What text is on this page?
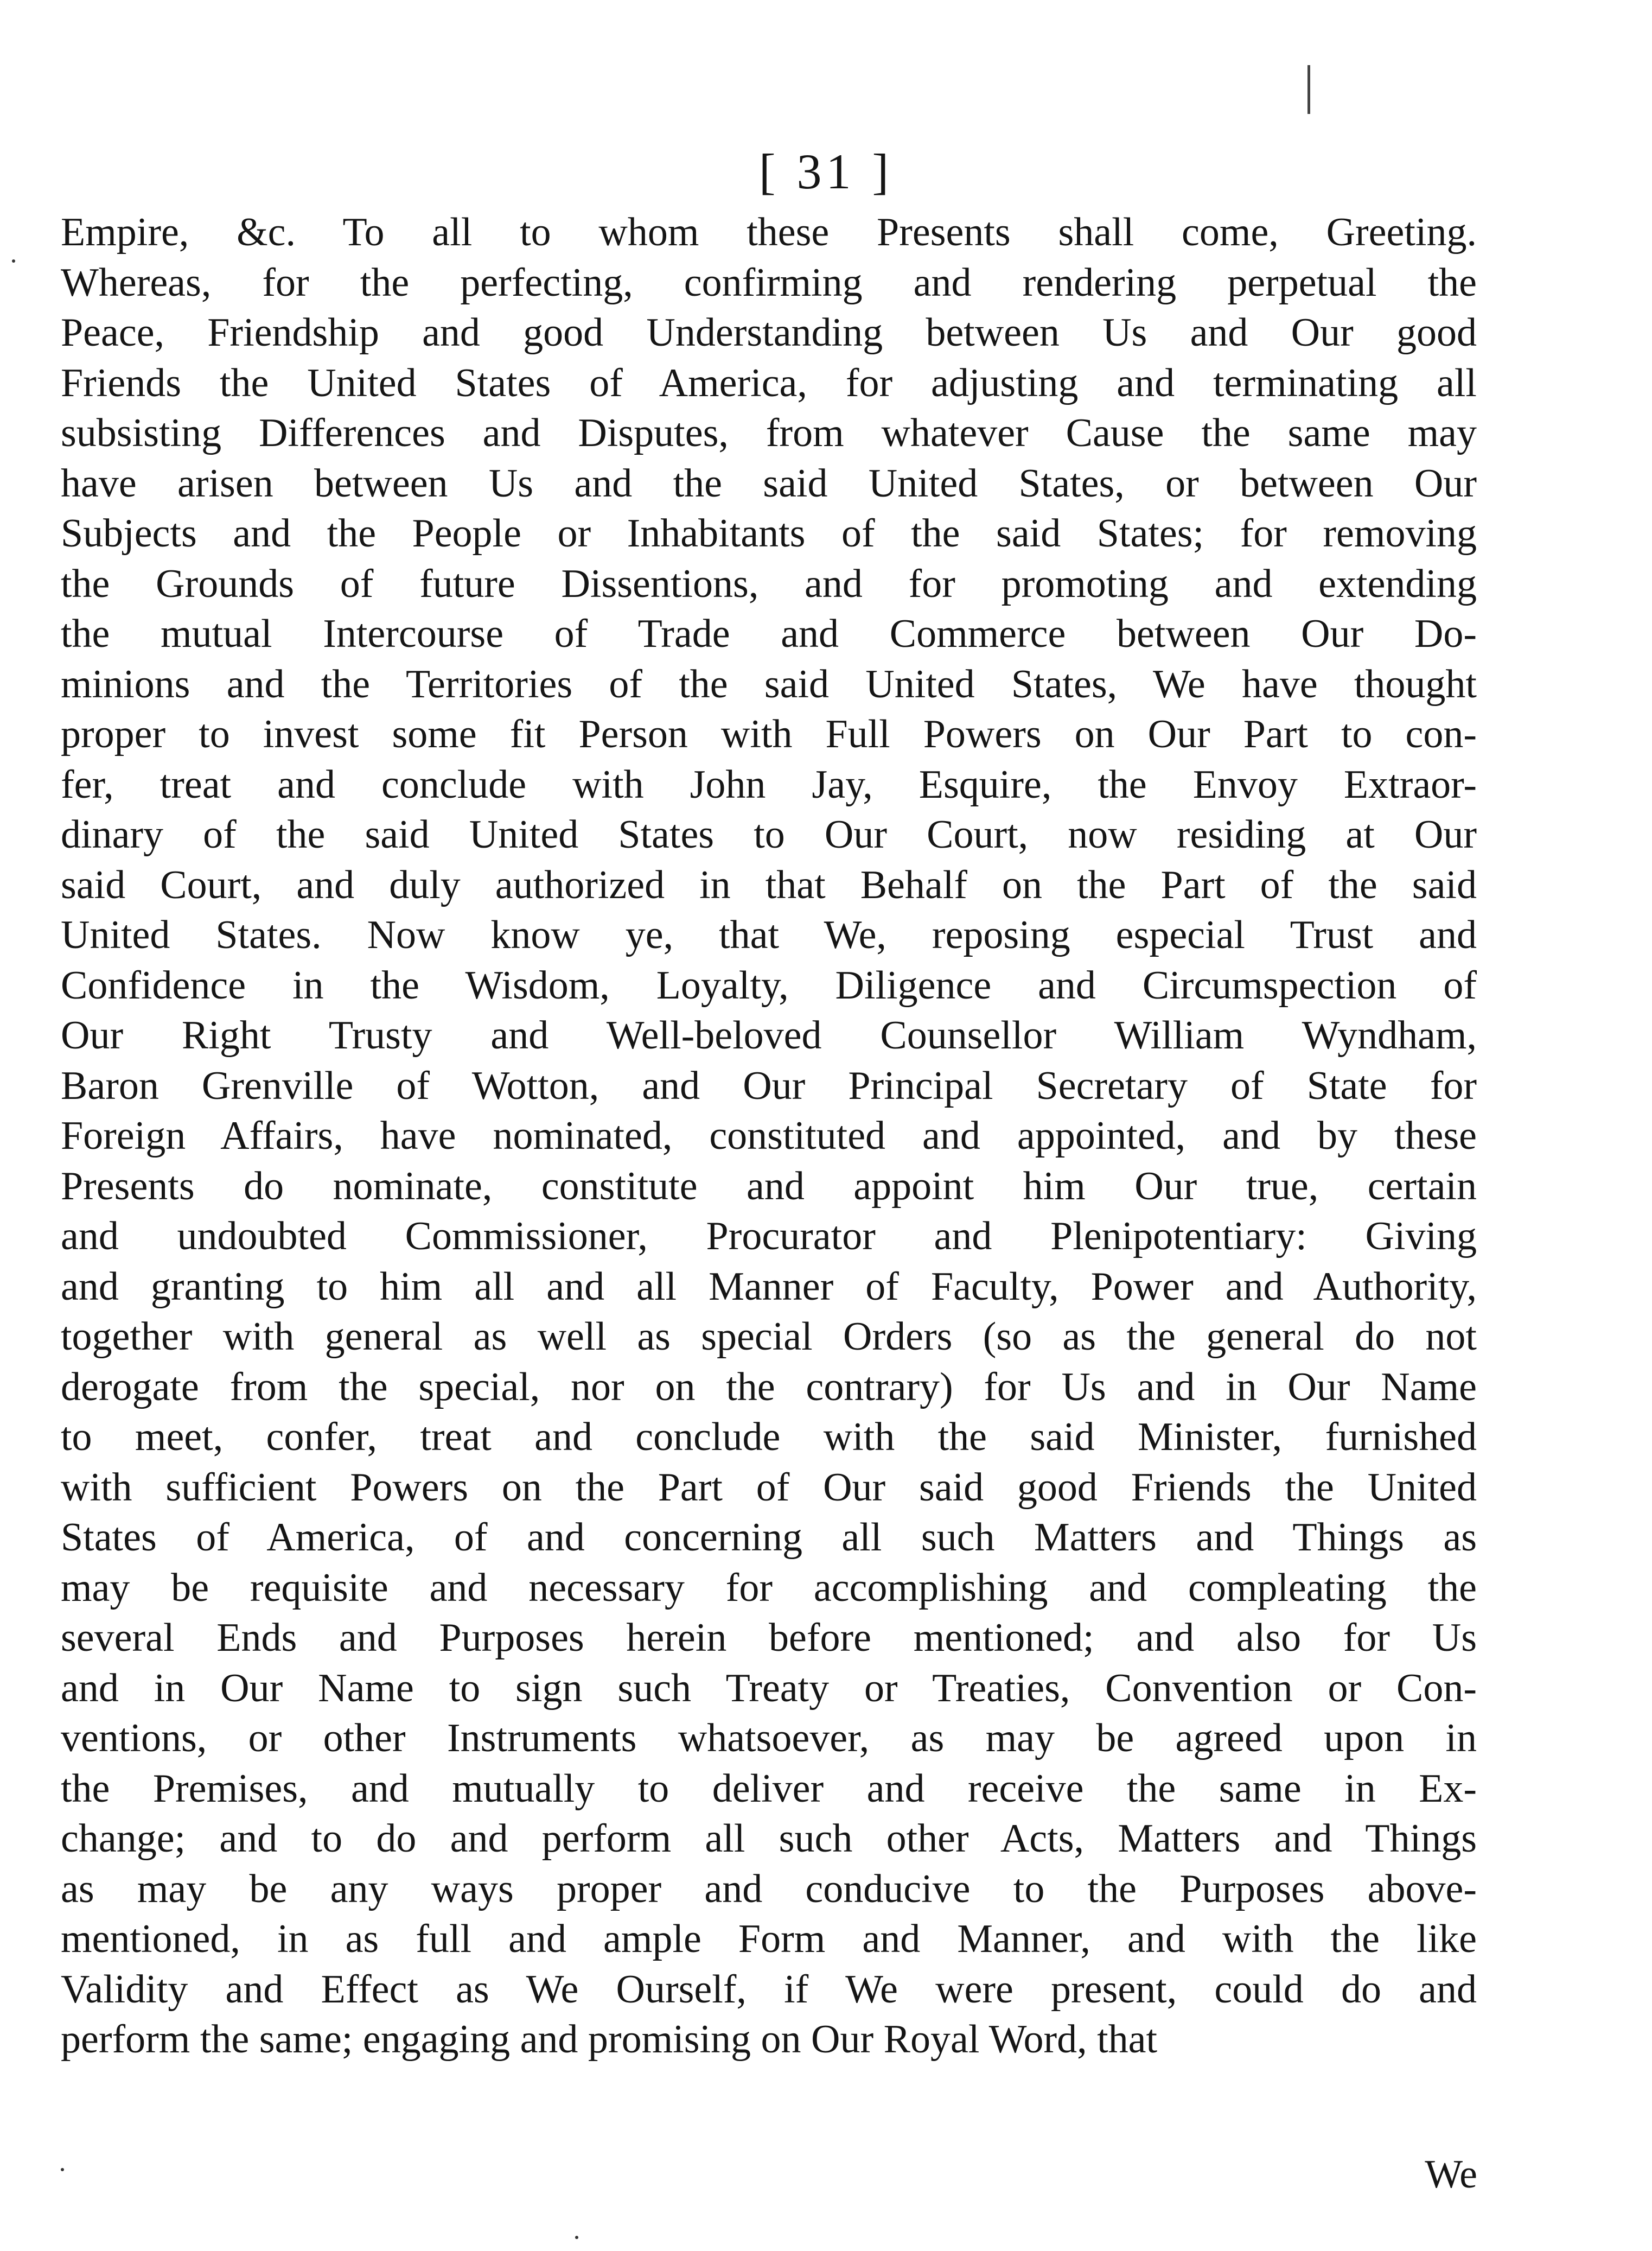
[ 31 ]
Empire, &c. To all to whom these Presents shall come, Greeting.
Whereas, for the perfecting, confirming and rendering perpetual the
Peace, Friendship and good Understanding between Us and Our good
Friends the United States of America, for adjusting and terminating all
subsisting Differences and Disputes, from whatever Cause the same may
have arisen between Us and the said United States, or between Our
Subjects and the People or Inhabitants of the said States; for removing
the Grounds of future Dissentions, and for promoting and extending
the mutual Intercourse of Trade and Commerce between Our Do-
minions and the Territories of the said United States, We have thought
proper to invest some fit Person with Full Powers on Our Part to con-
fer, treat and conclude with John Jay, Esquire, the Envoy Extraor-
dinary of the said United States to Our Court, now residing at Our
said Court, and duly authorized in that Behalf on the Part of the said
United States. Now know ye, that We, reposing especial Trust and
Confidence in the Wisdom, Loyalty, Diligence and Circumspection of
Our Right Trusty and Well-beloved Counsellor William Wyndham,
Baron Grenville of Wotton, and Our Principal Secretary of State for
Foreign Affairs, have nominated, constituted and appointed, and by these
Presents do nominate, constitute and appoint him Our true, certain
and undoubted Commissioner, Procurator and Plenipotentiary: Giving
and granting to him all and all Manner of Faculty, Power and Authority,
together with general as well as special Orders (so as the general do not
derogate from the special, nor on the contrary) for Us and in Our Name
to meet, confer, treat and conclude with the said Minister, furnished
with sufficient Powers on the Part of Our said good Friends the United
States of America, of and concerning all such Matters and Things as
may be requisite and necessary for accomplishing and compleating the
several Ends and Purposes herein before mentioned; and also for Us
and in Our Name to sign such Treaty or Treaties, Convention or Con-
ventions, or other Instruments whatsoever, as may be agreed upon in
the Premises, and mutually to deliver and receive the same in Ex-
change; and to do and perform all such other Acts, Matters and Things
as may be any ways proper and conducive to the Purposes above-
mentioned, in as full and ample Form and Manner, and with the like
Validity and Effect as We Ourself, if We were present, could do and
perform the same; engaging and promising on Our Royal Word, that
We
